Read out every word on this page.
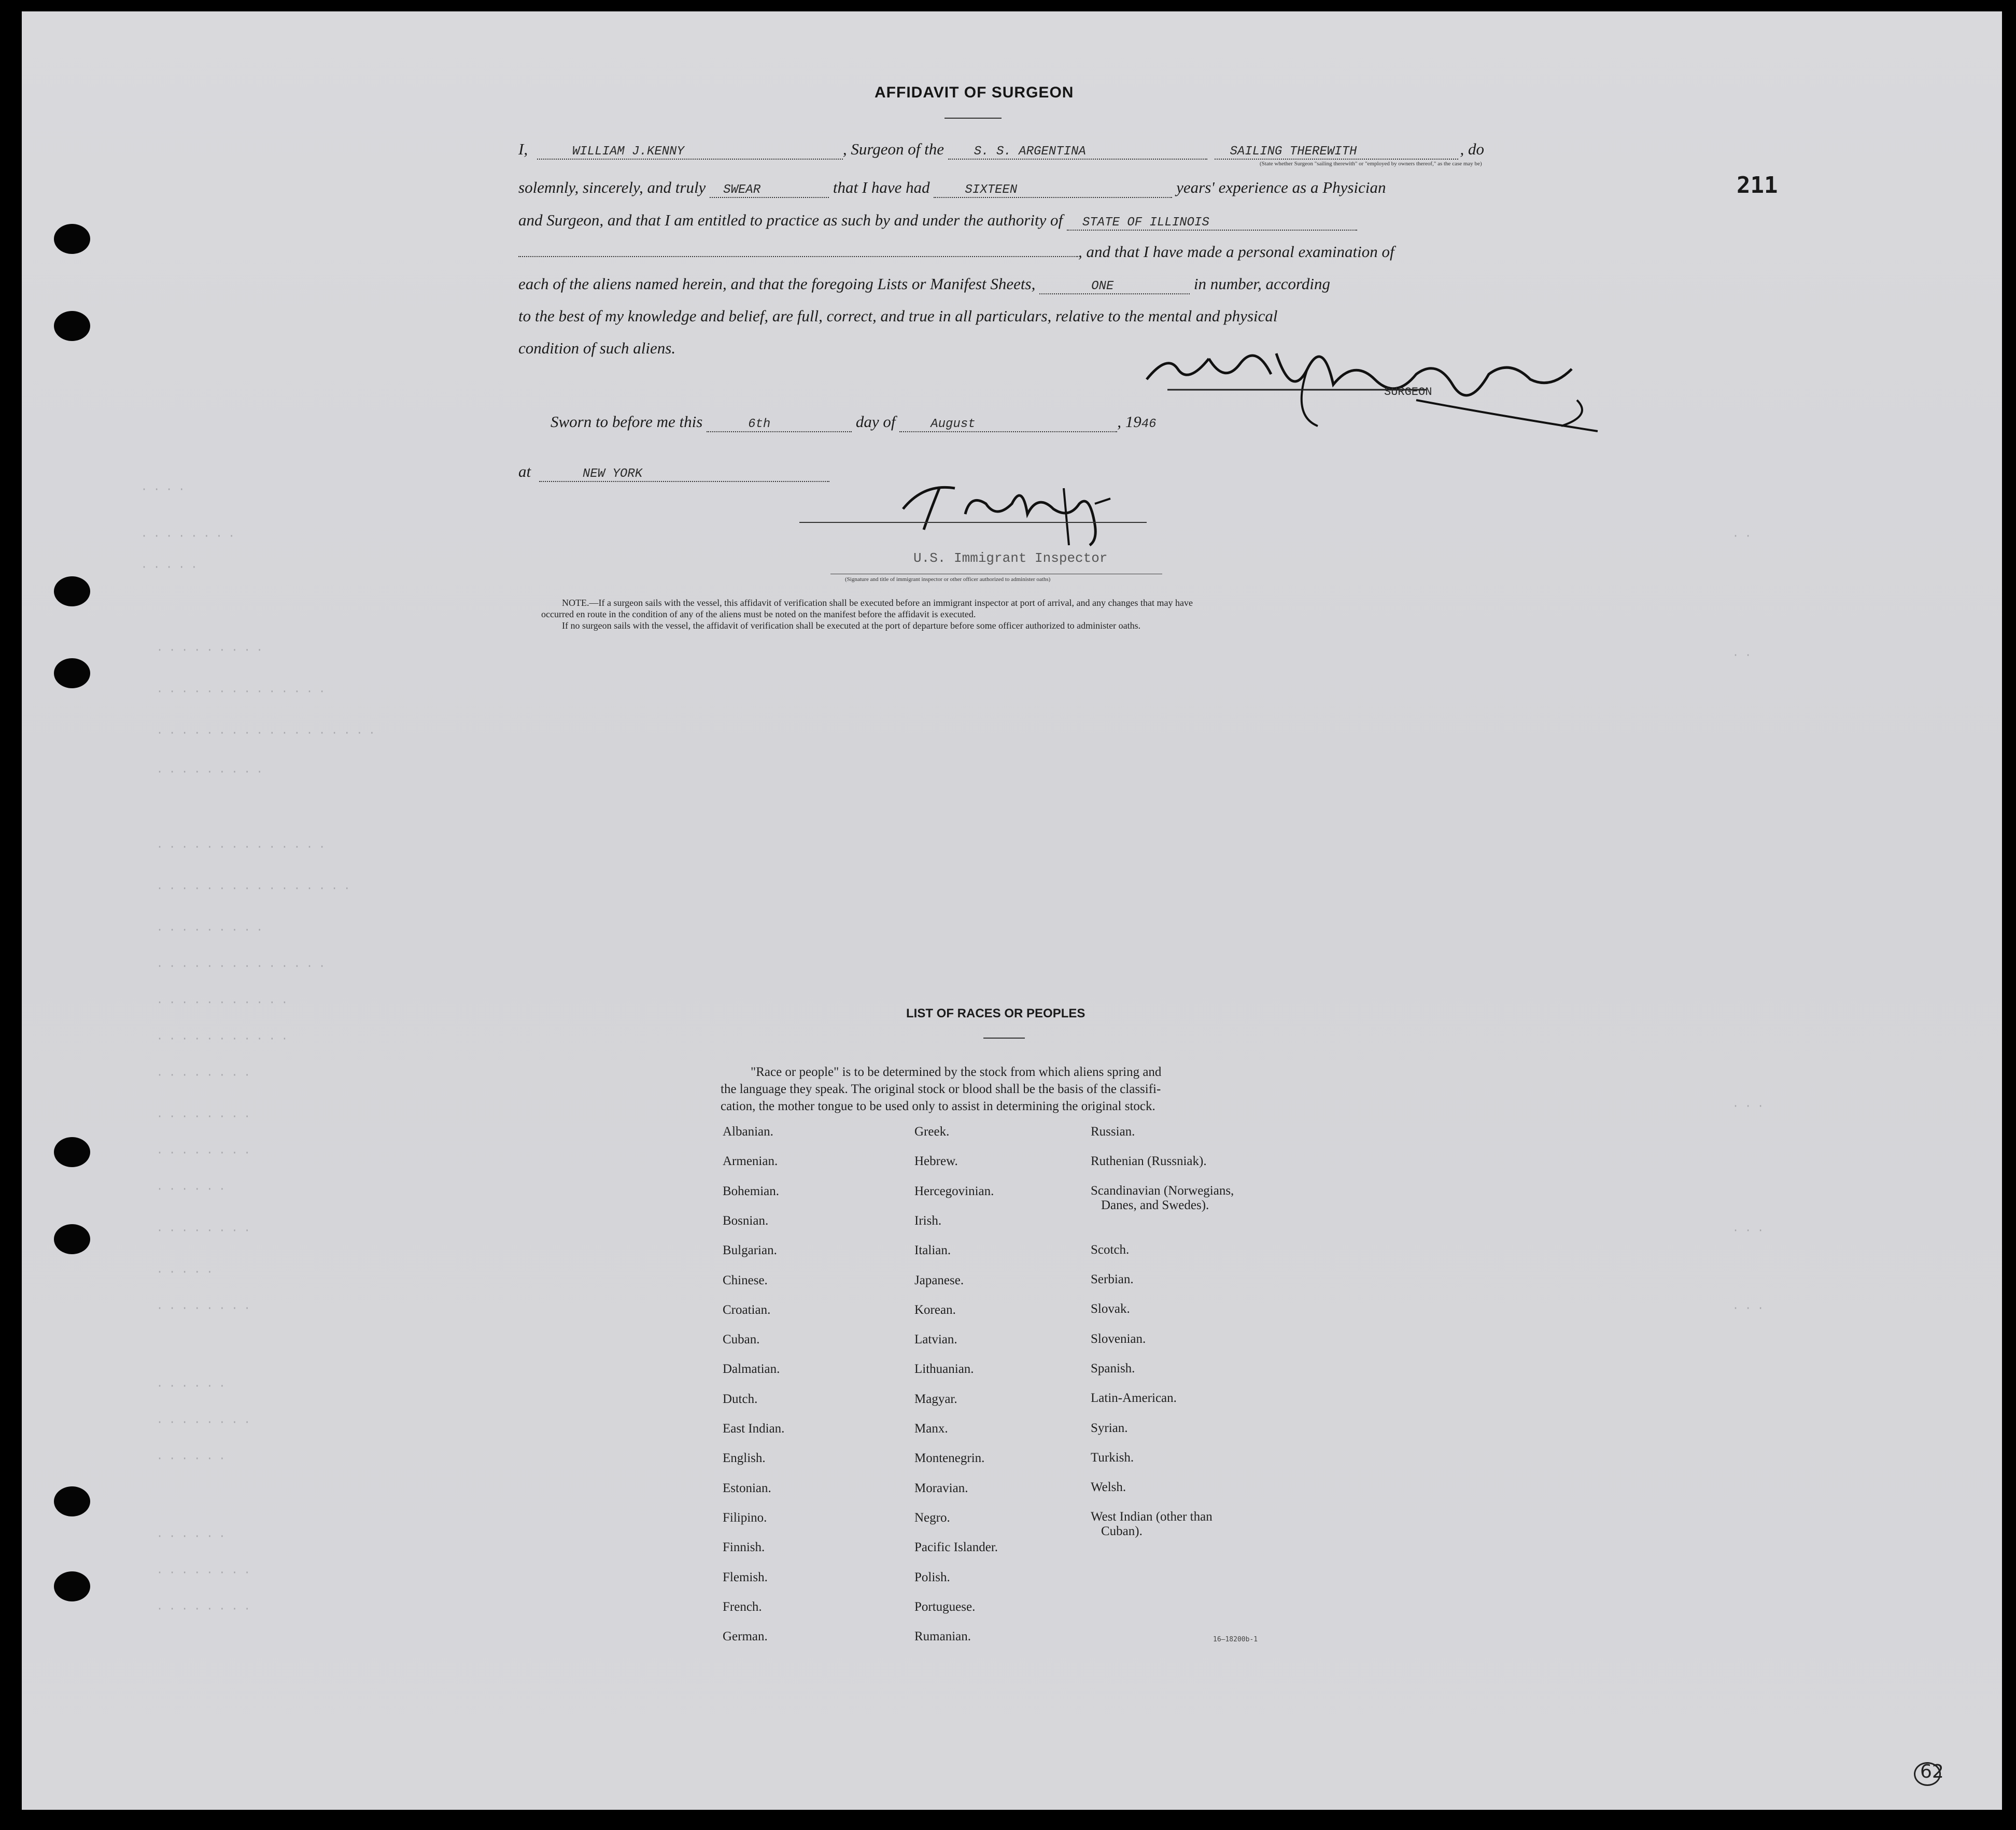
211
· · · ·
· · · · · · · ·
· · · · ·
· · · · · · · · ·
· · · · · · · · · · · · · ·
· · · · · · · · · · · · · · · · · ·
· · · · · · · · ·
· · · · · · · · · · · · · ·
· · · · · · · · · · · · · · · ·
· · · · · · · · ·
· · · · · · · · · · · · · ·
· · · · · · · · · · ·
· · · · · · · · · · ·
· · · · · · · ·
· · · · · · · ·
· · · · · · · ·
· · · · · ·
· · · · · · · ·
· · · · ·
· · · · · · · ·
· · · · · ·
· · · · · · · ·
· · · · · ·
· · · · · ·
· · · · · · · ·
· · · · · · · ·
· ·
· ·
· · ·
· · ·
· · ·
AFFIDAVIT OF SURGEON
I,	WILLIAM J.KENNY	, Surgeon of the S. S. ARGENTINA	SAILING THEREWITH	, do
(State whether Surgeon "sailing therewith" or "employed by owners thereof," as the case may be)
solemnly, sincerely, and truly SWEAR	that I have had	SIXTEEN	years' experience as a Physician
and Surgeon, and that I am entitled to practice as such by and under the authority of STATE OF ILLINOIS
, and that I have made a personal examination of
each of the aliens named herein, and that the foregoing Lists or Manifest Sheets,	ONE	in number, according
to the best of my knowledge and belief, are full, correct, and true in all particulars, relative to the mental and physical
condition of such aliens.
SURGEON
Sworn to before me this	6th	day of	August	, 1946
at	NEW YORK
U.S. Immigrant Inspector
(Signature and title of immigrant inspector or other officer authorized to administer oaths)
NOTE.—If a surgeon sails with the vessel, this affidavit of verification shall be executed before an immigrant inspector at port of arrival, and any changes that may have
occurred en route in the condition of any of the aliens must be noted on the manifest before the affidavit is executed.
If no surgeon sails with the vessel, the affidavit of verification shall be executed at the port of departure before some officer authorized to administer oaths.
LIST OF RACES OR PEOPLES
"Race or people" is to be determined by the stock from which aliens spring and
the language they speak. The original stock or blood shall be the basis of the classifi-
cation, the mother tongue to be used only to assist in determining the original stock.
Albanian.
Armenian.
Bohemian.
Bosnian.
Bulgarian.
Chinese.
Croatian.
Cuban.
Dalmatian.
Dutch.
East Indian.
English.
Estonian.
Filipino.
Finnish.
Flemish.
French.
German.
Greek.
Hebrew.
Hercegovinian.
Irish.
Italian.
Japanese.
Korean.
Latvian.
Lithuanian.
Magyar.
Manx.
Montenegrin.
Moravian.
Negro.
Pacific Islander.
Polish.
Portuguese.
Rumanian.
Russian.
Ruthenian (Russniak).
Scandinavian (Norwegians,
Danes, and Swedes).
Scotch.
Serbian.
Slovak.
Slovenian.
Spanish.
Latin-American.
Syrian.
Turkish.
Welsh.
West Indian (other than
Cuban).
16—18200b-1
62
